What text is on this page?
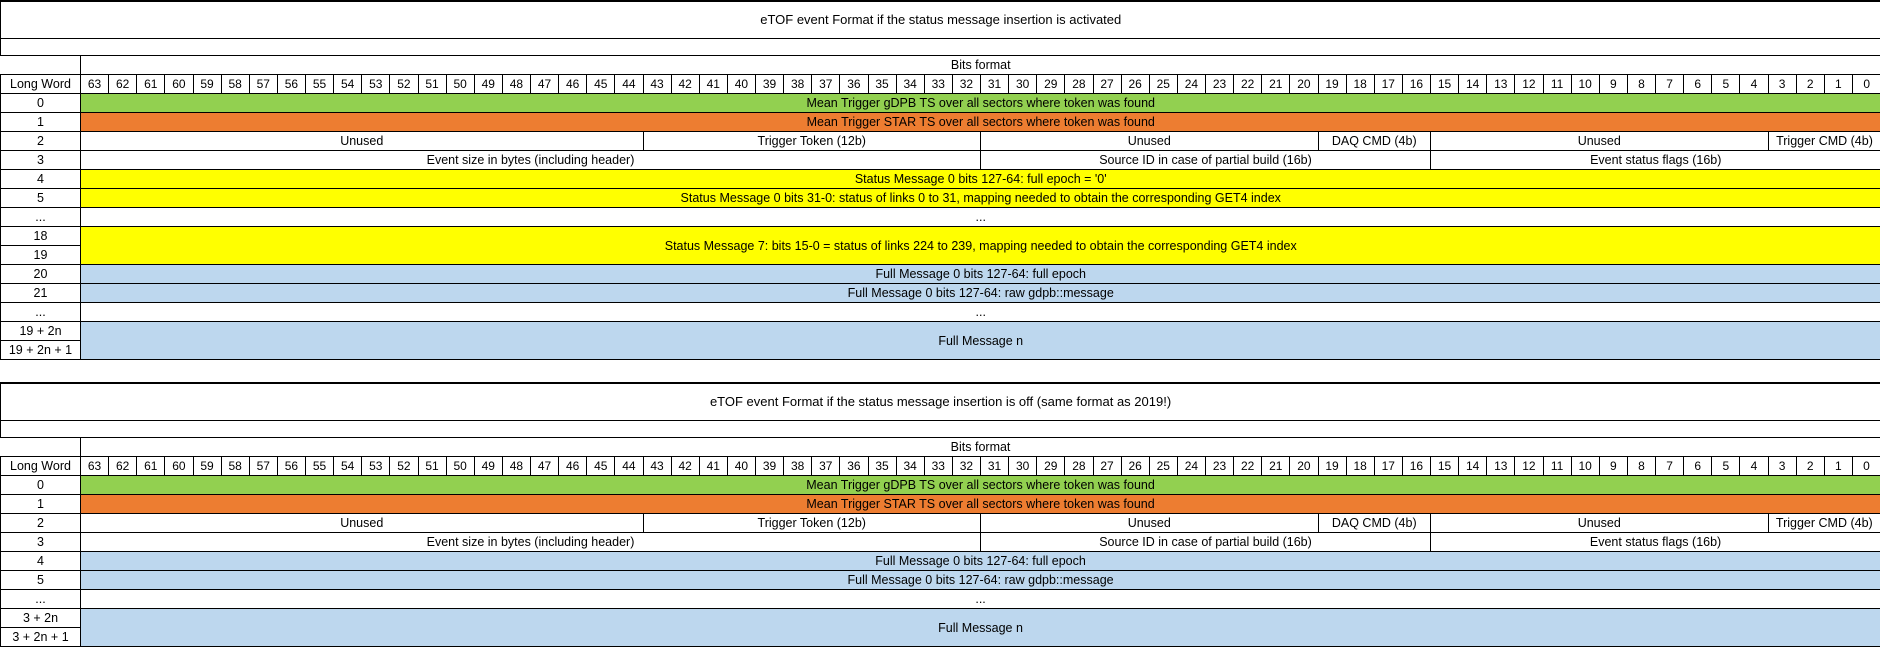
eTOF event Format if the status message insertion is activated

	Bits format
Long Word	63	62	61	60	59	58	57	56	55	54	53	52	51	50	49	48	47	46	45	44	43	42	41	40	39	38	37	36	35	34	33	32	31	30	29	28	27	26	25	24	23	22	21	20	19	18	17	16	15	14	13	12	11	10	9	8	7	6	5	4	3	2	1	0
0	Mean Trigger gDPB TS over all sectors where token was found
1	Mean Trigger STAR TS over all sectors where token was found
2	Unused	Trigger Token (12b)	Unused	DAQ CMD (4b)	Unused	Trigger CMD (4b)
3	Event size in bytes (including header)	Source ID in case of partial build (16b)	Event status flags (16b)
4	Status Message 0 bits 127-64: full epoch = '0'
5	Status Message 0 bits 31-0: status of links 0 to 31, mapping needed to obtain the corresponding GET4 index
...	...
18	Status Message 7: bits 15-0 = status of links 224 to 239, mapping needed to obtain the corresponding GET4 index
19
20	Full Message 0 bits 127-64: full epoch
21	Full Message 0 bits 127-64: raw gdpb::message
...	...
19 + 2n	Full Message n
19 + 2n + 1
eTOF event Format if the status message insertion is off (same format as 2019!)

	Bits format
Long Word	63	62	61	60	59	58	57	56	55	54	53	52	51	50	49	48	47	46	45	44	43	42	41	40	39	38	37	36	35	34	33	32	31	30	29	28	27	26	25	24	23	22	21	20	19	18	17	16	15	14	13	12	11	10	9	8	7	6	5	4	3	2	1	0
0	Mean Trigger gDPB TS over all sectors where token was found
1	Mean Trigger STAR TS over all sectors where token was found
2	Unused	Trigger Token (12b)	Unused	DAQ CMD (4b)	Unused	Trigger CMD (4b)
3	Event size in bytes (including header)	Source ID in case of partial build (16b)	Event status flags (16b)
4	Full Message 0 bits 127-64: full epoch
5	Full Message 0 bits 127-64: raw gdpb::message
...	...
3 + 2n	Full Message n
3 + 2n + 1
